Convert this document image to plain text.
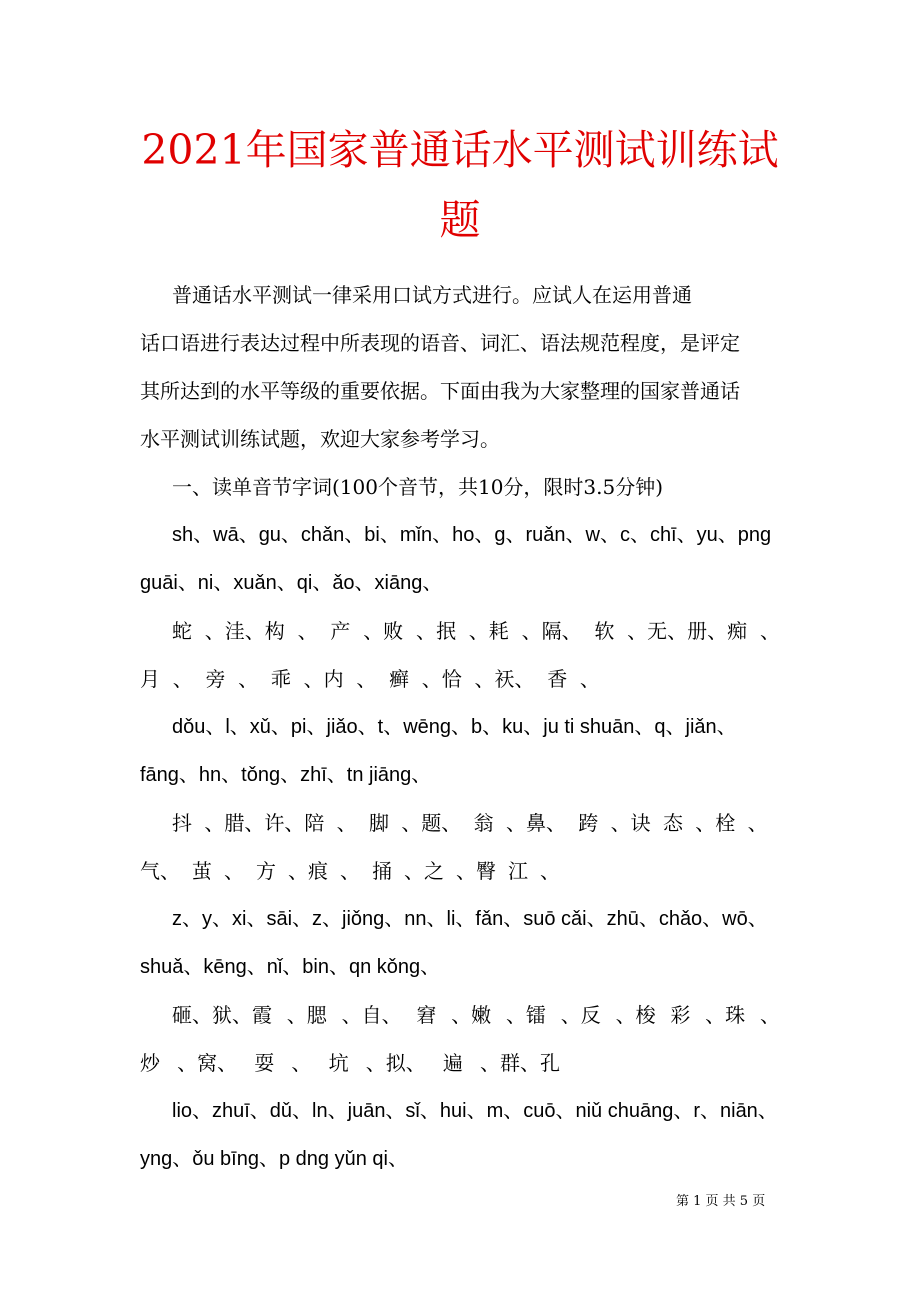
2021年国家普通话水平测试训练试
题
普通话水平测试一律采用口试方式进行。应试人在运用普通
话口语进行表达过程中所表现的语音、词汇、语法规范程度，是评定
其所达到的水平等级的重要依据。下面由我为大家整理的国家普通话
水平测试训练试题，欢迎大家参考学习。
一、读单音节字词(100个音节，共10分，限时3.5分钟)
sh、wā、gu、chǎn、bi、mǐn、ho、g、ruǎn、w、c、chī、yu、png
guāi、ni、xuǎn、qi、ǎo、xiāng、
蛇 、洼、构 、 产 、败 、抿 、耗 、隔、 软 、无、册、痴 、
月 、 旁 、 乖 、内 、 癣 、恰 、祆、 香 、
dǒu、l、xǔ、pi、jiǎo、t、wēng、b、ku、ju ti shuān、q、jiǎn、
fāng、hn、tǒng、zhī、tn jiāng、
抖 、腊、许、陪 、 脚 、题、 翁 、鼻、 跨 、诀 态 、栓 、
气、 茧 、 方 、痕 、 捅 、之 、臀 江 、
z、y、xi、sāi、z、jiǒng、nn、li、fǎn、suō cǎi、zhū、chǎo、wō、
shuǎ、kēng、nǐ、bin、qn kǒng、
砸、狱、霞 、腮 、自、 窘 、嫩 、镭 、反 、梭 彩 、珠 、
炒 、窝、 耍 、 坑 、拟、 遍 、群、孔
lio、zhuī、dǔ、ln、juān、sǐ、hui、m、cuō、niǔ chuāng、r、niān、
yng、ǒu bīng、p dng yǔn qi、
第 1 页 共 5 页
